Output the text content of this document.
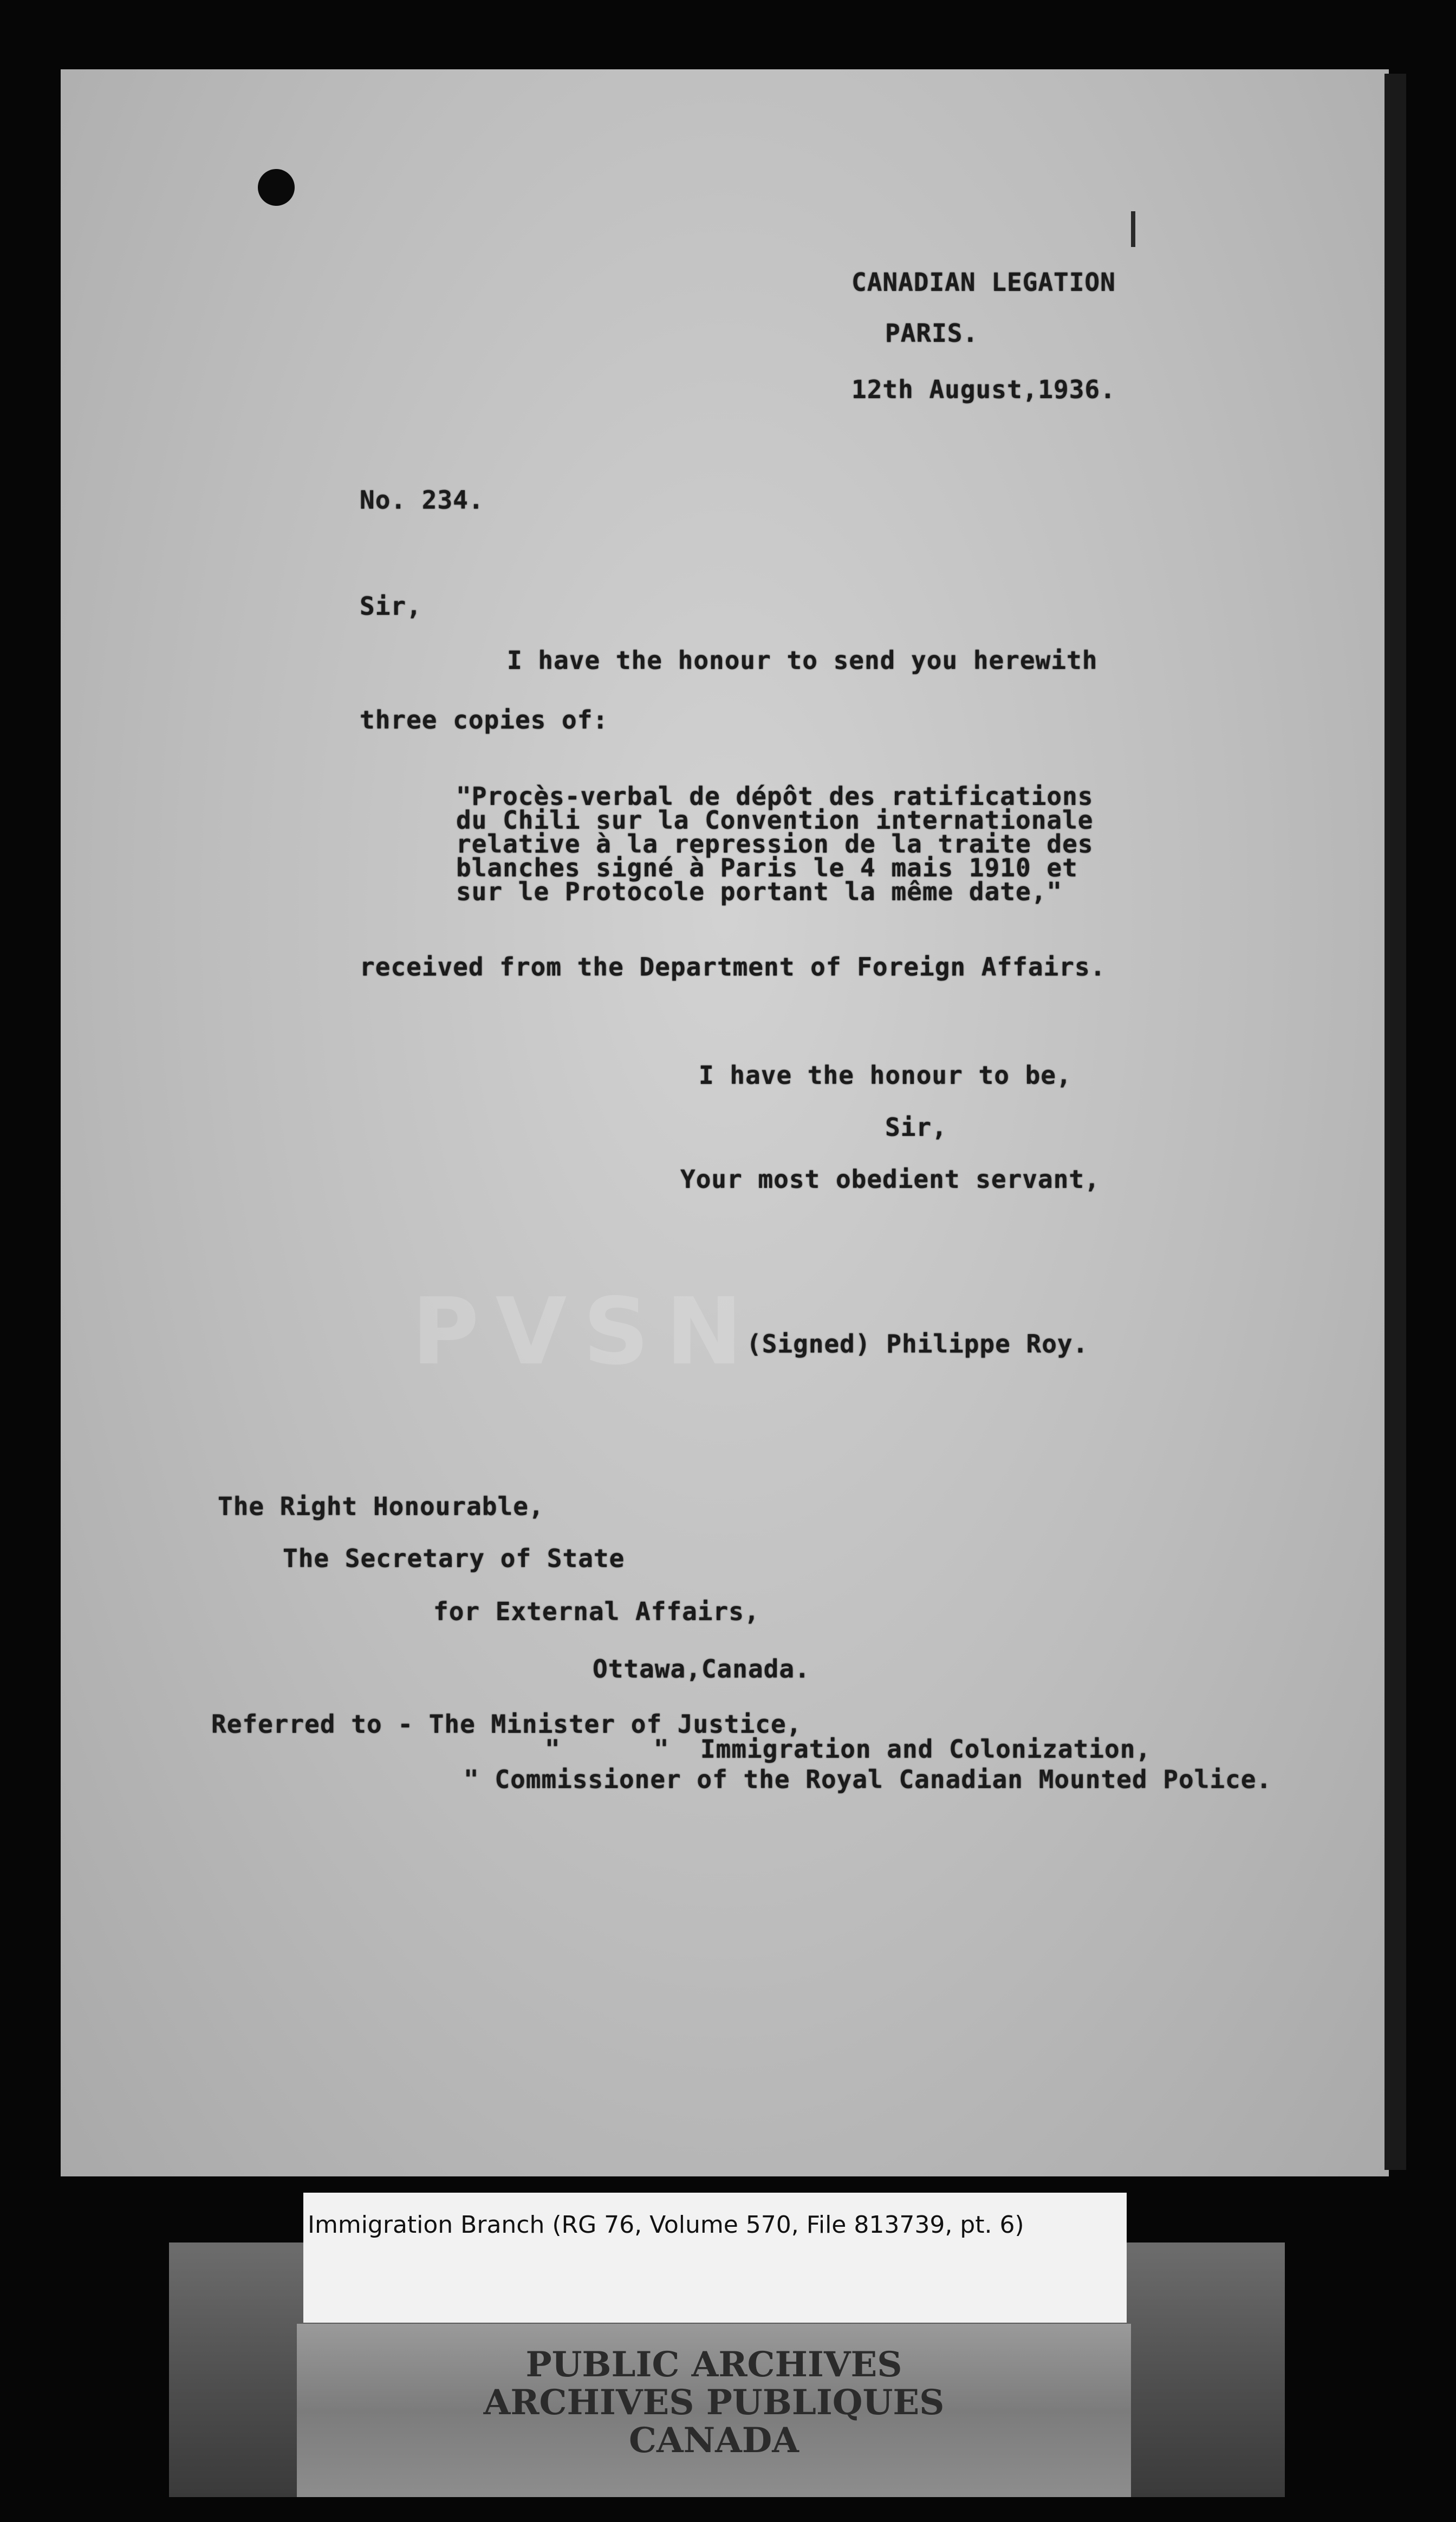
PVSN
CANADIAN LEGATION
PARIS.
12th August,1936.
No. 234.
Sir,
I have the honour to send you herewith
three copies of:
"Procès-verbal de dépôt des ratifications
du Chili sur la Convention internationale
relative à la repression de la traite des
blanches signé à Paris le 4 mais 1910 et
sur le Protocole portant la même date,"
received from the Department of Foreign Affairs.
I have the honour to be,
Sir,
Your most obedient servant,
(Signed) Philippe Roy.
The Right Honourable,
The Secretary of State
for External Affairs,
Ottawa,Canada.
Referred to - The Minister of Justice,
"      "  Immigration and Colonization,
" Commissioner of the Royal Canadian Mounted Police.
Immigration Branch (RG 76, Volume 570, File 813739, pt. 6)
PUBLIC ARCHIVES
ARCHIVES PUBLIQUES
CANADA
